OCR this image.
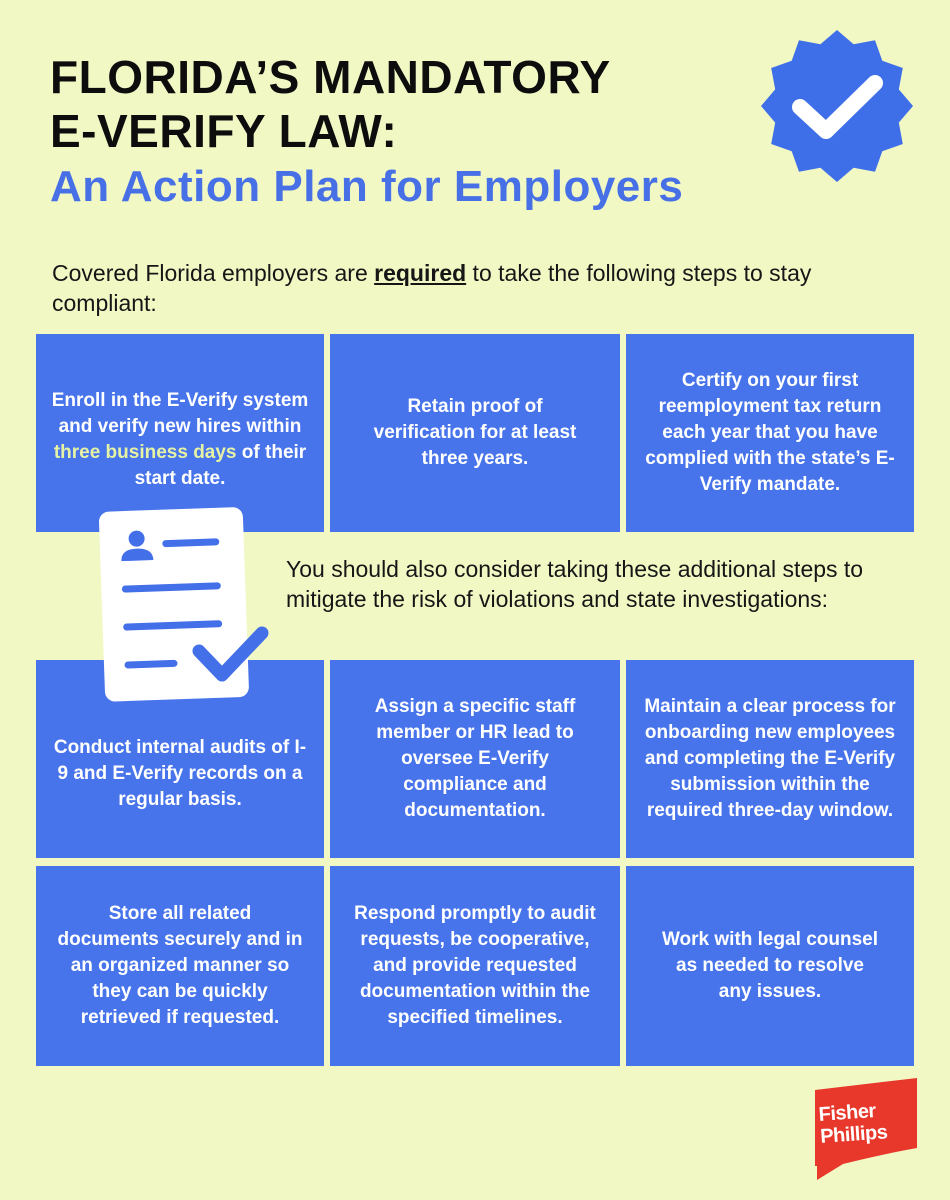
FLORIDA’S MANDATORY
E-VERIFY LAW:
An Action Plan for Employers

Covered Florida employers are required to take the following steps to stay compliant:

Enroll in the E-Verify system and verify new hires within three business days of their start date.
Retain proof of verification for at least three years.
Certify on your first reemployment tax return each year that you have complied with the state’s E-Verify mandate.

You should also consider taking these additional steps to mitigate the risk of violations and state investigations:

Conduct internal audits of I-9 and E-Verify records on a regular basis.
Assign a specific staff member or HR lead to oversee E-Verify compliance and documentation.
Maintain a clear process for onboarding new employees and completing the E-Verify submission within the required three-day window.
Store all related documents securely and in an organized manner so they can be quickly retrieved if requested.
Respond promptly to audit requests, be cooperative, and provide requested documentation within the specified timelines.
Work with legal counsel as needed to resolve any issues.
Fisher
Phillips
